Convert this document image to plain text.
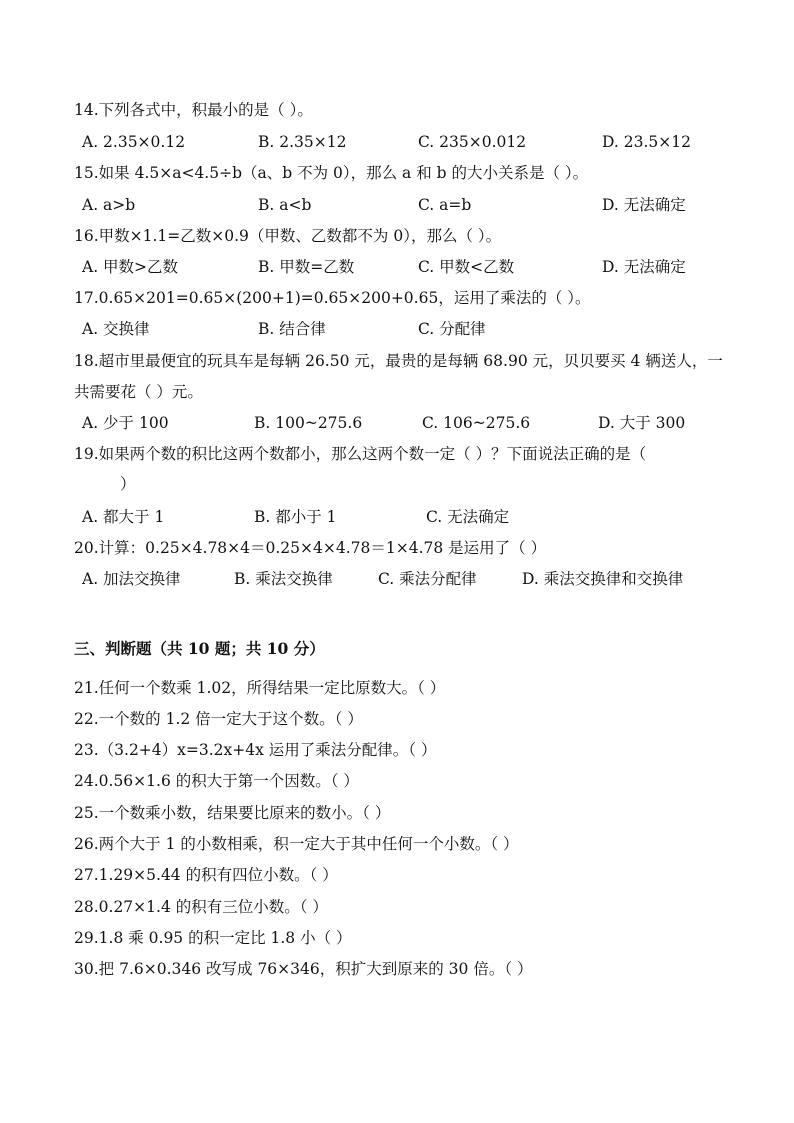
14.下列各式中，积最小的是（ ）。
A. 2.35×0.12	B. 2.35×12	C. 235×0.012	D. 23.5×12
15.如果 4.5×a<4.5÷b（a、b 不为 0），那么 a 和 b 的大小关系是（ ）。
A. a>b	B. a<b	C. a=b	D. 无法确定
16.甲数×1.1=乙数×0.9（甲数、乙数都不为 0），那么（ ）。
A. 甲数>乙数	B. 甲数=乙数	C. 甲数<乙数	D. 无法确定
17.0.65×201=0.65×(200+1)=0.65×200+0.65，运用了乘法的（ ）。
A. 交换律	B. 结合律	C. 分配律
18.超市里最便宜的玩具车是每辆 26.50 元，最贵的是每辆 68.90 元，贝贝要买 4 辆送人，一
共需要花（ ）元。
A. 少于 100	B. 100~275.6	C. 106~275.6	D. 大于 300
19.如果两个数的积比这两个数都小，那么这两个数一定（ ）？下面说法正确的是（
）
A. 都大于 1	B. 都小于 1	C. 无法确定
20.计算：0.25×4.78×4＝0.25×4×4.78＝1×4.78 是运用了（ ）
A. 加法交换律	B. 乘法交换律	C. 乘法分配律	D. 乘法交换律和交换律
三、判断题（共 10 题；共 10 分）
21.任何一个数乘 1.02，所得结果一定比原数大。（ ）
22.一个数的 1.2 倍一定大于这个数。（ ）
23.（3.2+4）x=3.2x+4x 运用了乘法分配律。（ ）
24.0.56×1.6 的积大于第一个因数。（ ）
25.一个数乘小数，结果要比原来的数小。（ ）
26.两个大于 1 的小数相乘，积一定大于其中任何一个小数。（ ）
27.1.29×5.44 的积有四位小数。（ ）
28.0.27×1.4 的积有三位小数。（ ）
29.1.8 乘 0.95 的积一定比 1.8 小（ ）
30.把 7.6×0.346 改写成 76×346，积扩大到原来的 30 倍。（ ）
